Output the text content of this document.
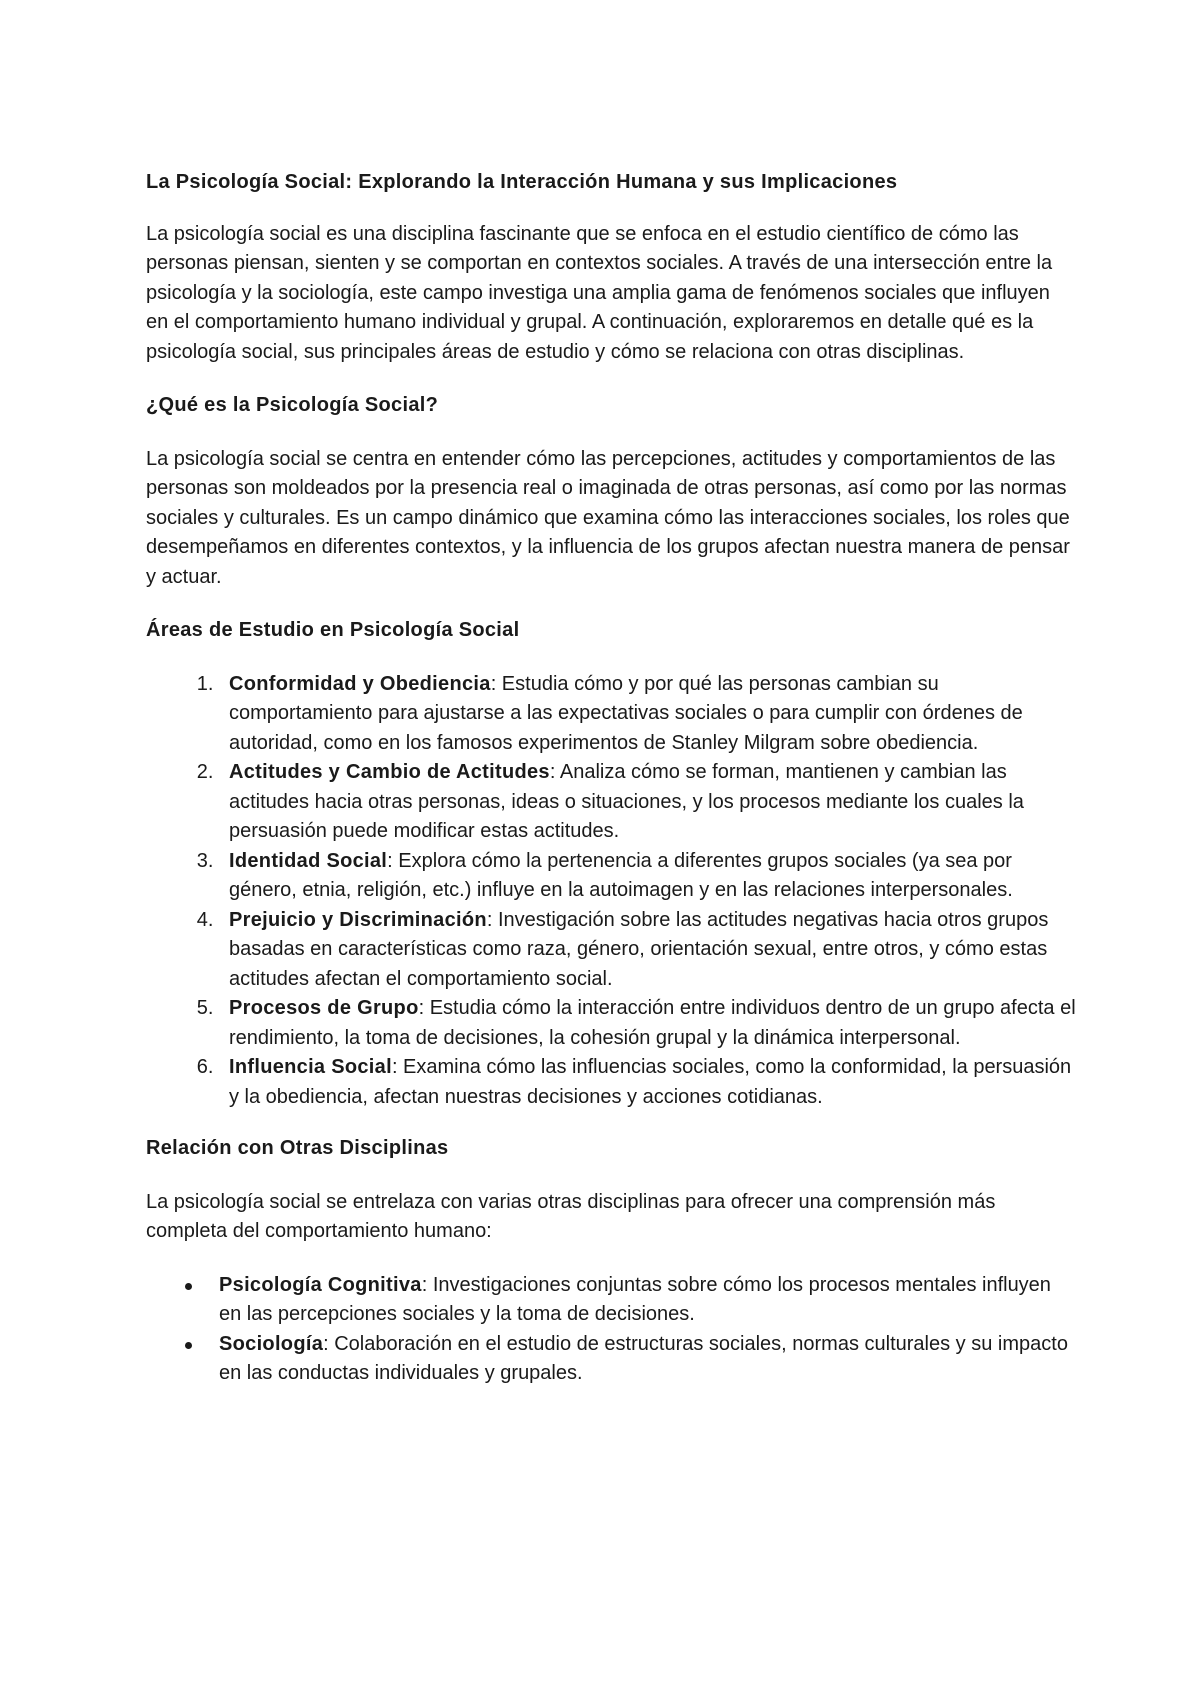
La Psicología Social: Explorando la Interacción Humana y sus Implicaciones

La psicología social es una disciplina fascinante que se enfoca en el estudio científico de cómo las personas piensan, sienten y se comportan en contextos sociales. A través de una intersección entre la psicología y la sociología, este campo investiga una amplia gama de fenómenos sociales que influyen en el comportamiento humano individual y grupal. A continuación, exploraremos en detalle qué es la psicología social, sus principales áreas de estudio y cómo se relaciona con otras disciplinas.

¿Qué es la Psicología Social?

La psicología social se centra en entender cómo las percepciones, actitudes y comportamientos de las personas son moldeados por la presencia real o imaginada de otras personas, así como por las normas sociales y culturales. Es un campo dinámico que examina cómo las interacciones sociales, los roles que desempeñamos en diferentes contextos, y la influencia de los grupos afectan nuestra manera de pensar y actuar.

Áreas de Estudio en Psicología Social

1. Conformidad y Obediencia: Estudia cómo y por qué las personas cambian su comportamiento para ajustarse a las expectativas sociales o para cumplir con órdenes de autoridad, como en los famosos experimentos de Stanley Milgram sobre obediencia.
2. Actitudes y Cambio de Actitudes: Analiza cómo se forman, mantienen y cambian las actitudes hacia otras personas, ideas o situaciones, y los procesos mediante los cuales la persuasión puede modificar estas actitudes.
3. Identidad Social: Explora cómo la pertenencia a diferentes grupos sociales (ya sea por género, etnia, religión, etc.) influye en la autoimagen y en las relaciones interpersonales.
4. Prejuicio y Discriminación: Investigación sobre las actitudes negativas hacia otros grupos basadas en características como raza, género, orientación sexual, entre otros, y cómo estas actitudes afectan el comportamiento social.
5. Procesos de Grupo: Estudia cómo la interacción entre individuos dentro de un grupo afecta el rendimiento, la toma de decisiones, la cohesión grupal y la dinámica interpersonal.
6. Influencia Social: Examina cómo las influencias sociales, como la conformidad, la persuasión y la obediencia, afectan nuestras decisiones y acciones cotidianas.

Relación con Otras Disciplinas

La psicología social se entrelaza con varias otras disciplinas para ofrecer una comprensión más completa del comportamiento humano:

Psicología Cognitiva: Investigaciones conjuntas sobre cómo los procesos mentales influyen en las percepciones sociales y la toma de decisiones.
Sociología: Colaboración en el estudio de estructuras sociales, normas culturales y su impacto en las conductas individuales y grupales.
